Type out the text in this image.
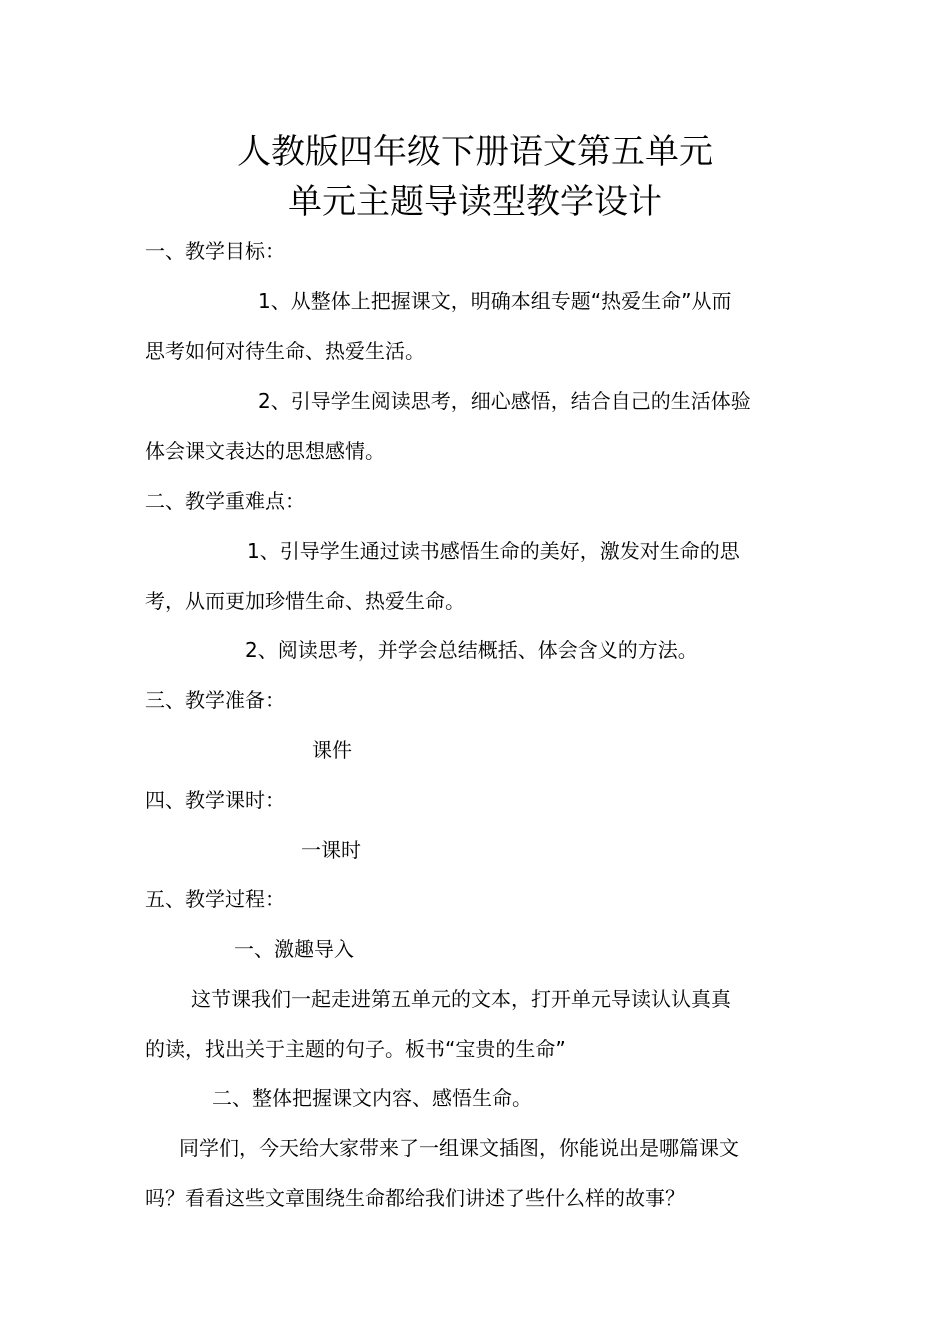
人教版四年级下册语文第五单元
单元主题导读型教学设计
一、教学目标：
1、从整体上把握课文，明确本组专题“热爱生命”从而
思考如何对待生命、热爱生活。
2、引导学生阅读思考，细心感悟，结合自己的生活体验
体会课文表达的思想感情。
二、教学重难点：
1、引导学生通过读书感悟生命的美好，激发对生命的思
考，从而更加珍惜生命、热爱生命。
2、阅读思考，并学会总结概括、体会含义的方法。
三、教学准备：
课件
四、教学课时：
一课时
五、教学过程：
一、激趣导入
这节课我们一起走进第五单元的文本，打开单元导读认认真真
的读，找出关于主题的句子。板书“宝贵的生命”
二、整体把握课文内容、感悟生命。
同学们，今天给大家带来了一组课文插图，你能说出是哪篇课文
吗？看看这些文章围绕生命都给我们讲述了些什么样的故事？
